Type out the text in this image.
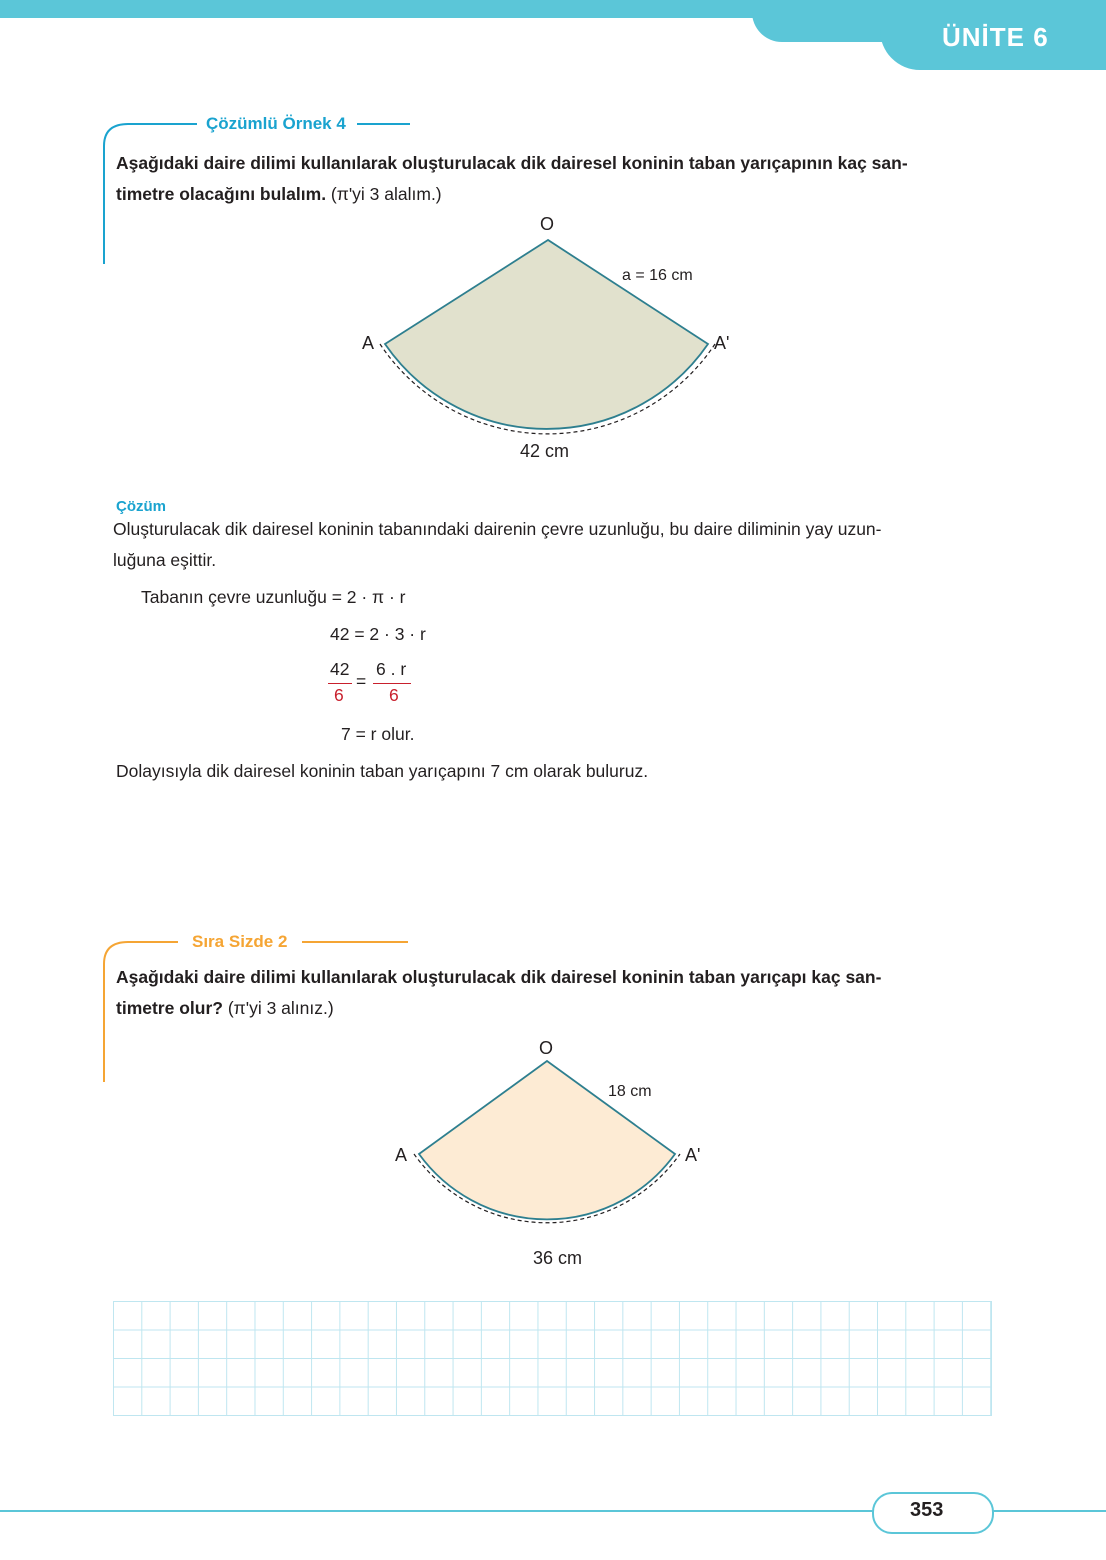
ÜNİTE 6
Çözümlü Örnek 4
Aşağıdaki daire dilimi kullanılarak oluşturulacak dik dairesel koninin taban yarıçapının kaç san-
timetre olacağını bulalım. (π'yi 3 alalım.)
O
a = 16 cm
A	A'
42 cm
Çözüm
Oluşturulacak dik dairesel koninin tabanındaki dairenin çevre uzunluğu, bu daire diliminin yay uzun-
luğuna eşittir.
Tabanın çevre uzunluğu = 2 · π · r
42 = 2 · 3 · r
42
6
=
6 . r
6
7 = r olur.
Dolayısıyla dik dairesel koninin taban yarıçapını 7 cm olarak buluruz.
Sıra Sizde 2
Aşağıdaki daire dilimi kullanılarak oluşturulacak dik dairesel koninin taban yarıçapı kaç san-
timetre olur? (π'yi 3 alınız.)
O
18 cm
A	A'
36 cm
353
